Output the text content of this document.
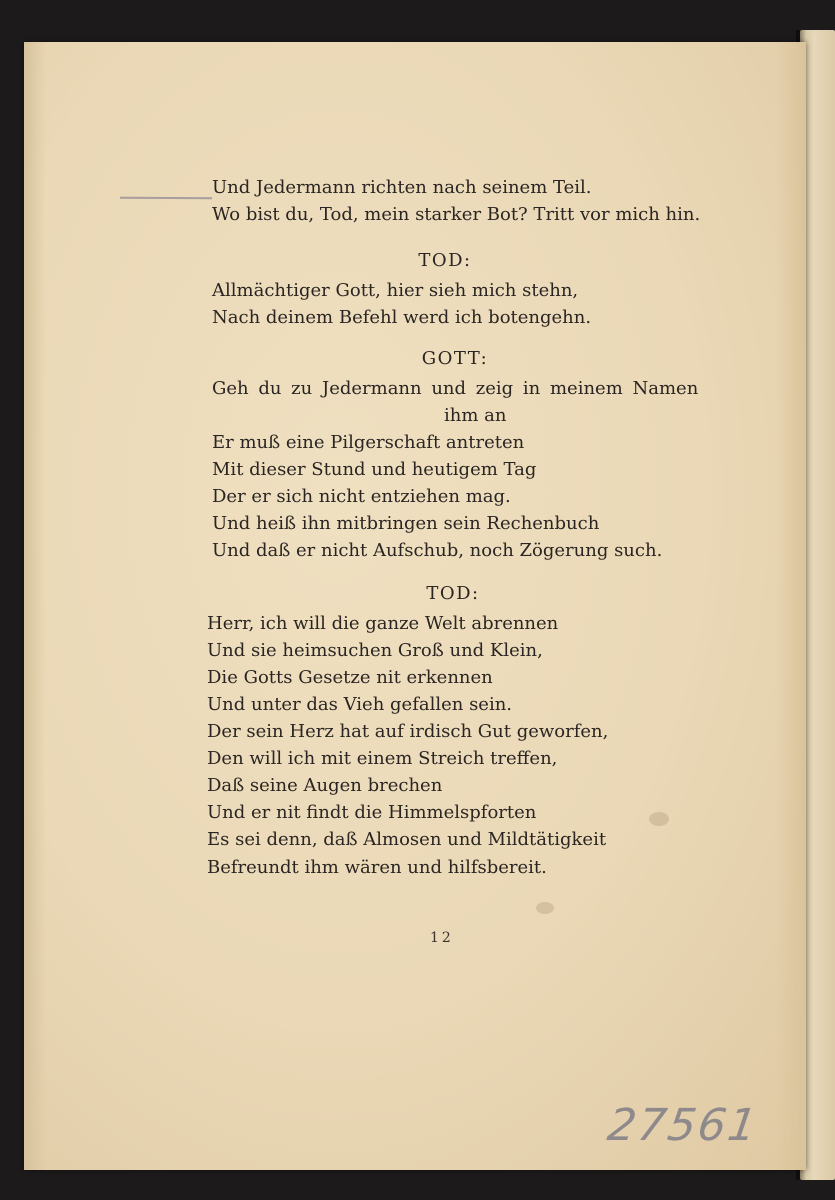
Und Jedermann richten nach seinem Teil.
Wo bist du, Tod, mein starker Bot? Tritt vor mich hin.
TOD:
Allmächtiger Gott, hier sieh mich stehn,
Nach deinem Befehl werd ich botengehn.
GOTT:
Geh du zu Jedermann und zeig in meinem Namen
ihm an
Er muß eine Pilgerschaft antreten
Mit dieser Stund und heutigem Tag
Der er sich nicht entziehen mag.
Und heiß ihn mitbringen sein Rechenbuch
Und daß er nicht Aufschub, noch Zögerung such.
TOD:
Herr, ich will die ganze Welt abrennen
Und sie heimsuchen Groß und Klein,
Die Gotts Gesetze nit erkennen
Und unter das Vieh gefallen sein.
Der sein Herz hat auf irdisch Gut geworfen,
Den will ich mit einem Streich treffen,
Daß seine Augen brechen
Und er nit findt die Himmelspforten
Es sei denn, daß Almosen und Mildtätigkeit
Befreundt ihm wären und hilfsbereit.
12
27561
